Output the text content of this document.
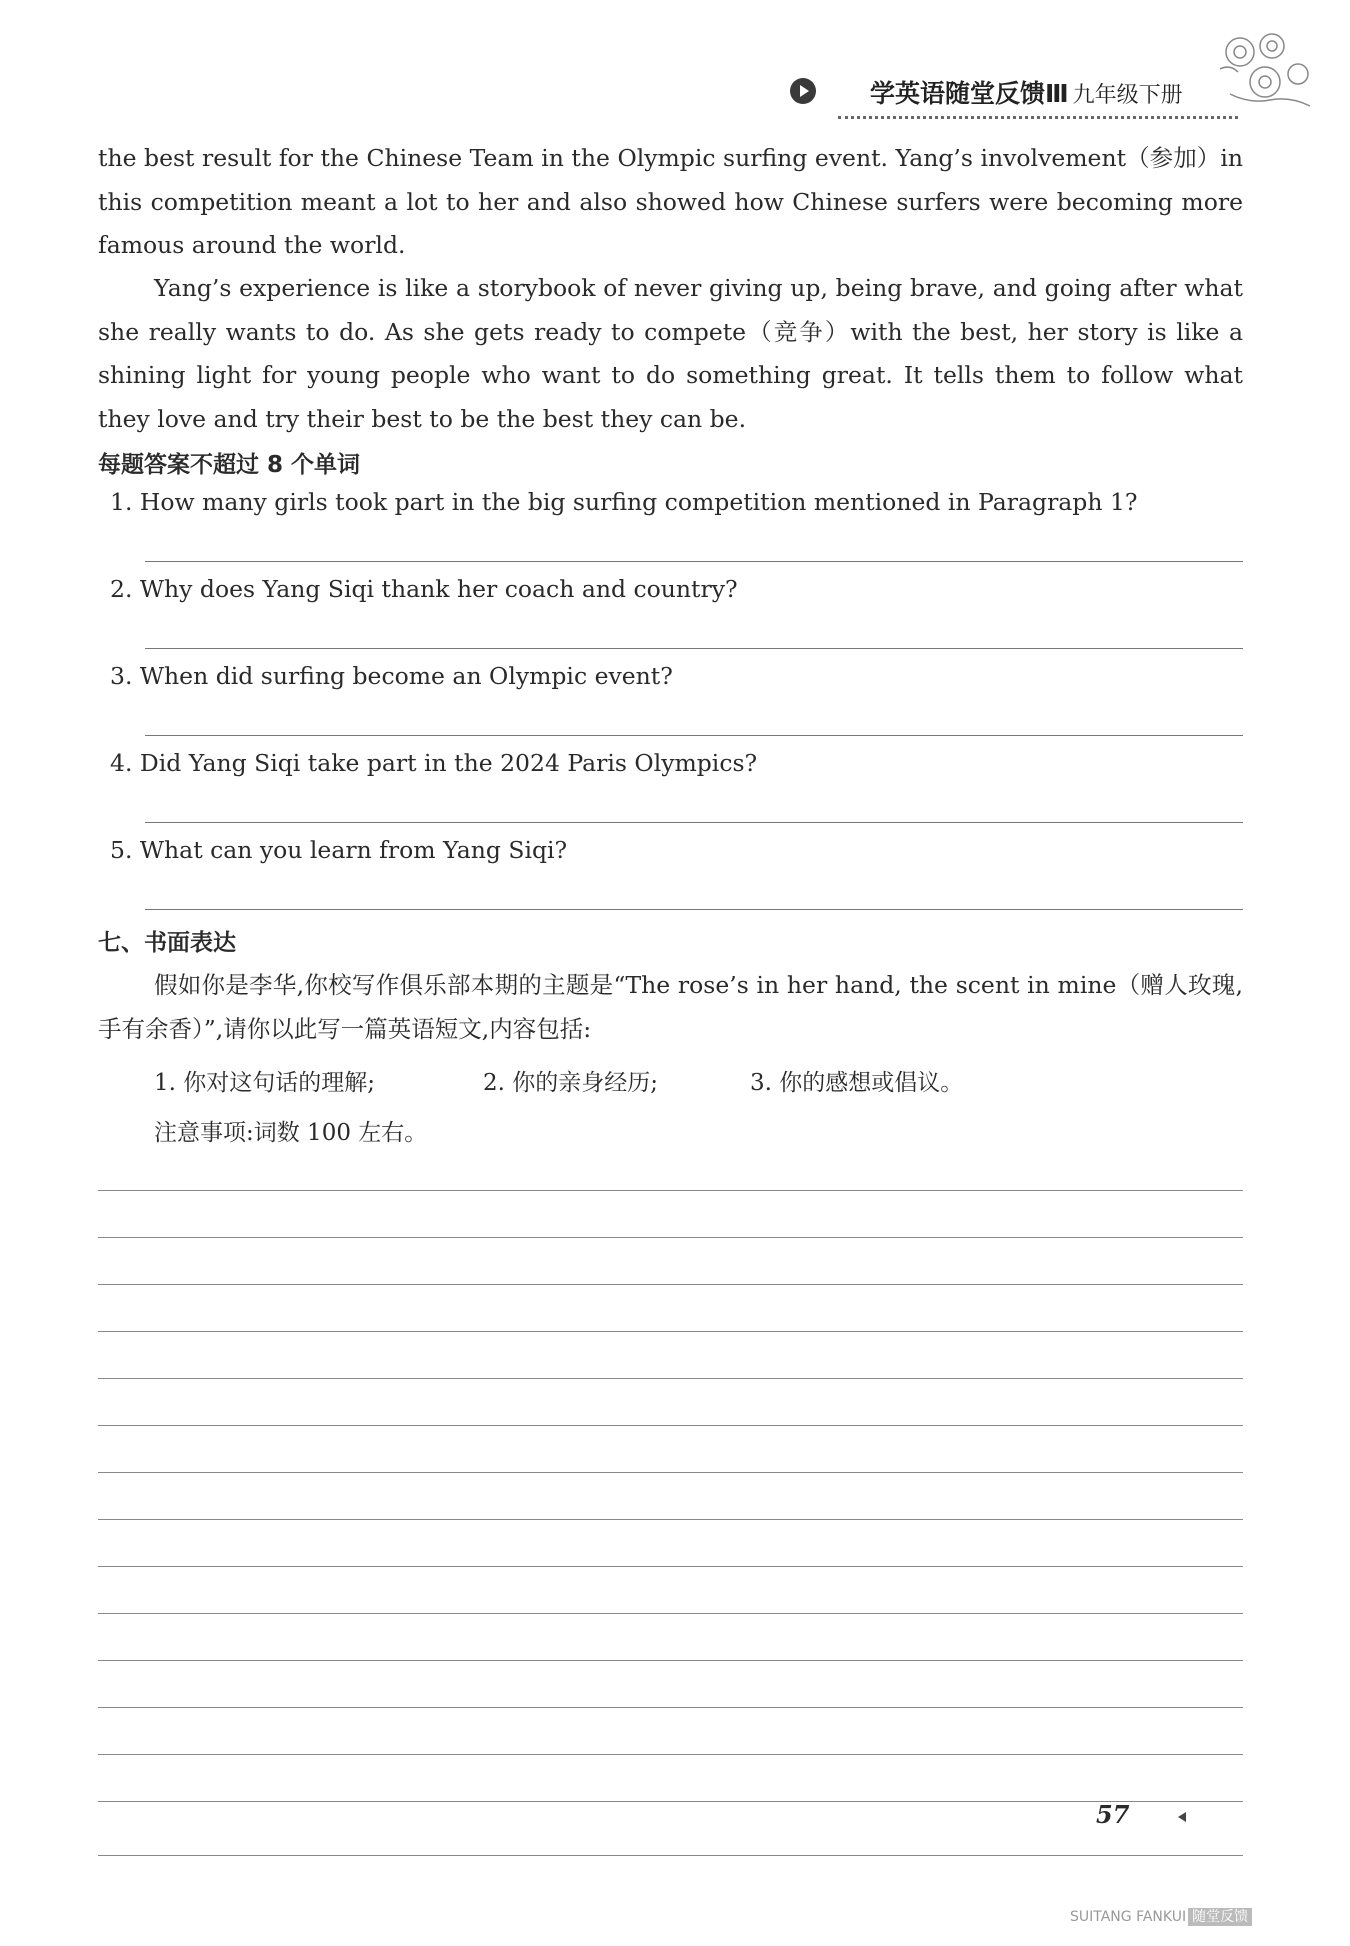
学英语随堂反馈Ⅲ 九年级下册

the best result for the Chinese Team in the Olympic surfing event. Yang’s involvement（参加）in this competition meant a lot to her and also showed how Chinese surfers were becoming more famous around the world.

Yang’s experience is like a storybook of never giving up, being brave, and going after what she really wants to do. As she gets ready to compete（竞争）with the best, her story is like a shining light for young people who want to do something great. It tells them to follow what they love and try their best to be the best they can be.

每题答案不超过 8 个单词
1. How many girls took part in the big surfing competition mentioned in Paragraph 1?
2. Why does Yang Siqi thank her coach and country?
3. When did surfing become an Olympic event?
4. Did Yang Siqi take part in the 2024 Paris Olympics?
5. What can you learn from Yang Siqi?
七、书面表达

假如你是李华,你校写作俱乐部本期的主题是“The rose’s in her hand, the scent in mine（赠人玫瑰,手有余香）”,请你以此写一篇英语短文,内容包括:

1. 你对这句话的理解;	2. 你的亲身经历;	3. 你的感想或倡议。
注意事项:词数 100 左右。
57
SUITANG FANKUI 随堂反馈
